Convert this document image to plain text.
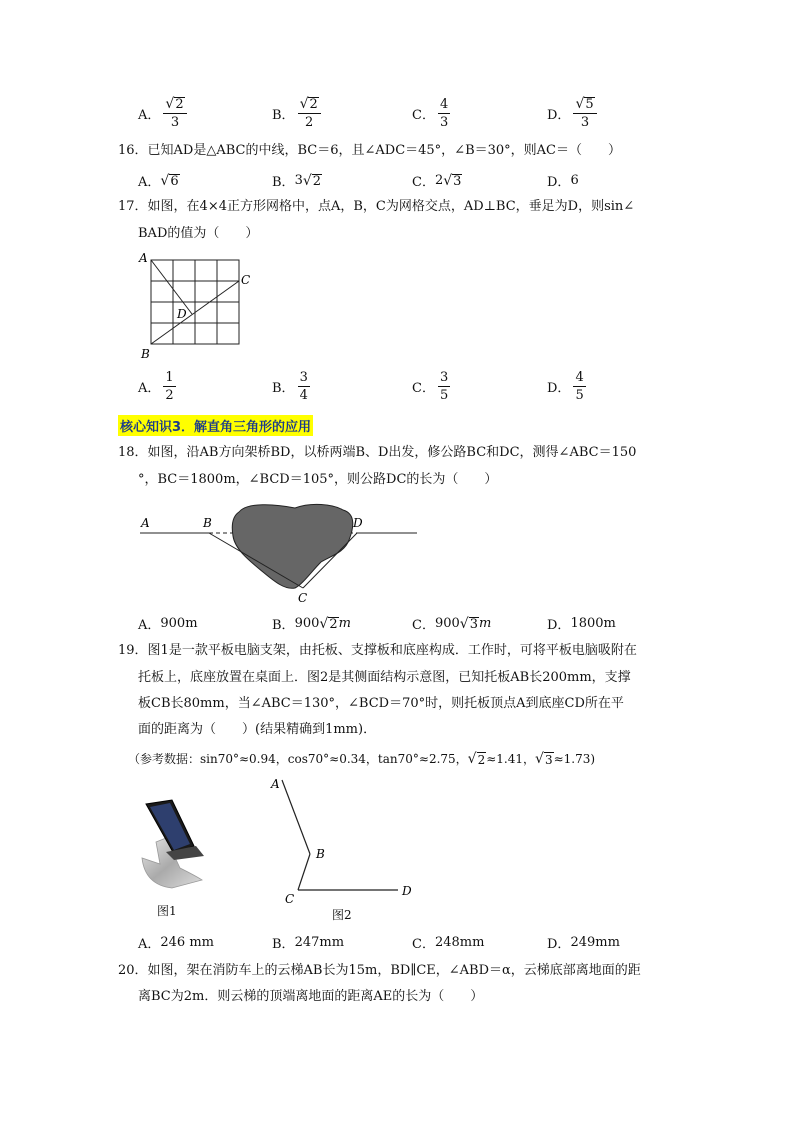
A． $\frac{√ 2}{3}$	B． $\frac{√ 2}{2}$	C． $\frac{4}{3}$	D． $\frac{√ 5}{3}$
16．已知AD是△ABC的中线，BC＝6，且∠ADC＝45°，∠B＝30°，则AC＝（　　）
A． √ 6	B． 3 √ 2	C． 2 √ 3	D． 6
17．如图，在4×4正方形网格中，点A，B，C为网格交点，AD⊥BC，垂足为D，则sin∠
BAD的值为（　　）
A
B
C
D
A． $\frac{1}{2}$	B． $\frac{3}{4}$	C． $\frac{3}{5}$	D． $\frac{4}{5}$
核心知识3．解直角三角形的应用
18．如图，沿AB方向架桥BD，以桥两端B、D出发，修公路BC和DC，测得∠ABC＝150
°，BC＝1800m，∠BCD＝105°，则公路DC的长为（　　）
A	B	D
C
A． 900m	B． 900 √ 2 m	C． 900 √ 3 m	D． 1800m
19．图1是一款平板电脑支架，由托板、支撑板和底座构成．工作时，可将平板电脑吸附在
托板上，底座放置在桌面上．图2是其侧面结构示意图，已知托板AB长200mm，支撑
板CB长80mm，当∠ABC＝130°，∠BCD＝70°时，则托板顶点A到底座CD所在平
面的距离为（　　）(结果精确到1mm)．
（参考数据：sin70°≈0.94，cos70°≈0.34，tan70°≈2.75， √ 2 ≈1.41， √ 3 ≈1.73)
图1
A
B
C
D
图2
A． 246 mm	B． 247mm	C． 248mm	D． 249mm
20．如图，架在消防车上的云梯AB长为15m，BD∥CE，∠ABD＝α，云梯底部离地面的距
离BC为2m．则云梯的顶端离地面的距离AE的长为（　　）
